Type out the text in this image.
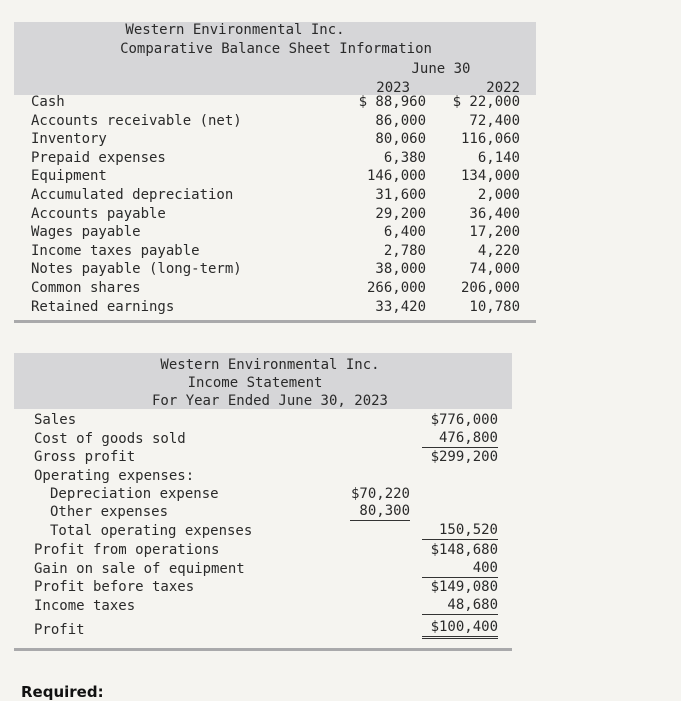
Western Environmental Inc.
Comparative Balance Sheet Information
June 30
2023	2022
Cash	$ 88,960	$ 22,000
Accounts receivable (net)	86,000	72,400
Inventory	80,060	116,060
Prepaid expenses	6,380	6,140
Equipment	146,000	134,000
Accumulated depreciation	31,600	2,000
Accounts payable	29,200	36,400
Wages payable	6,400	17,200
Income taxes payable	2,780	4,220
Notes payable (long-term)	38,000	74,000
Common shares	266,000	206,000
Retained earnings	33,420	10,780
Western Environmental Inc.
Income Statement
For Year Ended June 30, 2023
Sales	$776,000
Cost of goods sold	476,800
Gross profit	$299,200
Operating expenses:
Depreciation expense	$70,220
Other expenses	80,300
Total operating expenses	150,520
Profit from operations	$148,680
Gain on sale of equipment	400
Profit before taxes	$149,080
Income taxes	48,680
Profit	$100,400
Required:
